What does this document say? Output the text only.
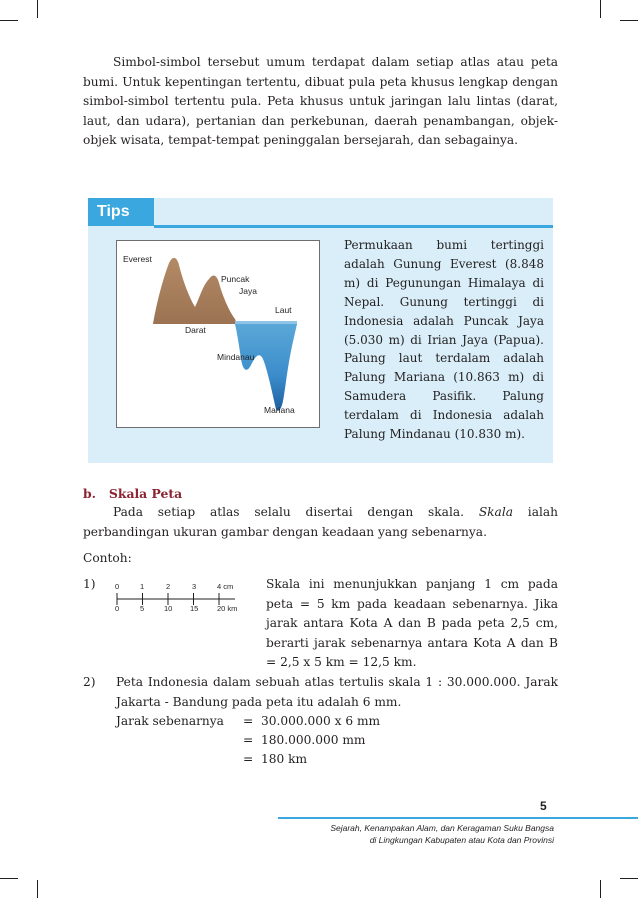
Simbol-simbol tersebut umum terdapat dalam setiap atlas atau peta bumi. Untuk kepentingan tertentu, dibuat pula peta khusus lengkap dengan simbol-simbol tertentu pula. Peta khusus untuk jaringan lalu lintas (darat, laut, dan udara), pertanian dan perkebunan, daerah penambangan, objek-objek wisata, tempat-tempat peninggalan bersejarah, dan sebagainya.

Tips
Everest
Puncak
Jaya
Laut
Darat
Mindanau
Mariana

Permukaan bumi tertinggi adalah Gunung Everest (8.848 m) di Pegunungan Himalaya di Nepal. Gunung tertinggi di Indonesia adalah Puncak Jaya (5.030 m) di Irian Jaya (Papua). Palung laut terdalam adalah Palung Mariana (10.863 m) di Samudera Pasifik. Palung terdalam di Indonesia adalah Palung Mindanau (10.830 m).

b.   Skala Peta

Pada setiap atlas selalu disertai dengan skala. Skala ialah perbandingan ukuran gambar dengan keadaan yang sebenarnya.

Contoh:
1)	0	1	2	3	4 cm
0	5	10 15 20 km

Skala ini menunjukkan panjang 1 cm pada peta = 5 km pada keadaan sebenarnya. Jika jarak antara Kota A dan B pada peta 2,5 cm, berarti jarak sebenarnya antara Kota A dan B = 2,5 x 5 km = 12,5 km.

2) Peta Indonesia dalam sebuah atlas tertulis skala 1 : 30.000.000. Jarak Jakarta - Bandung pada peta itu adalah 6 mm.

Jarak sebenarnya =  30.000.000 x 6 mm
=  180.000.000 mm
=  180 km
5
Sejarah, Kenampakan Alam, dan Keragaman Suku Bangsa
di Lingkungan Kabupaten atau Kota dan Provinsi
